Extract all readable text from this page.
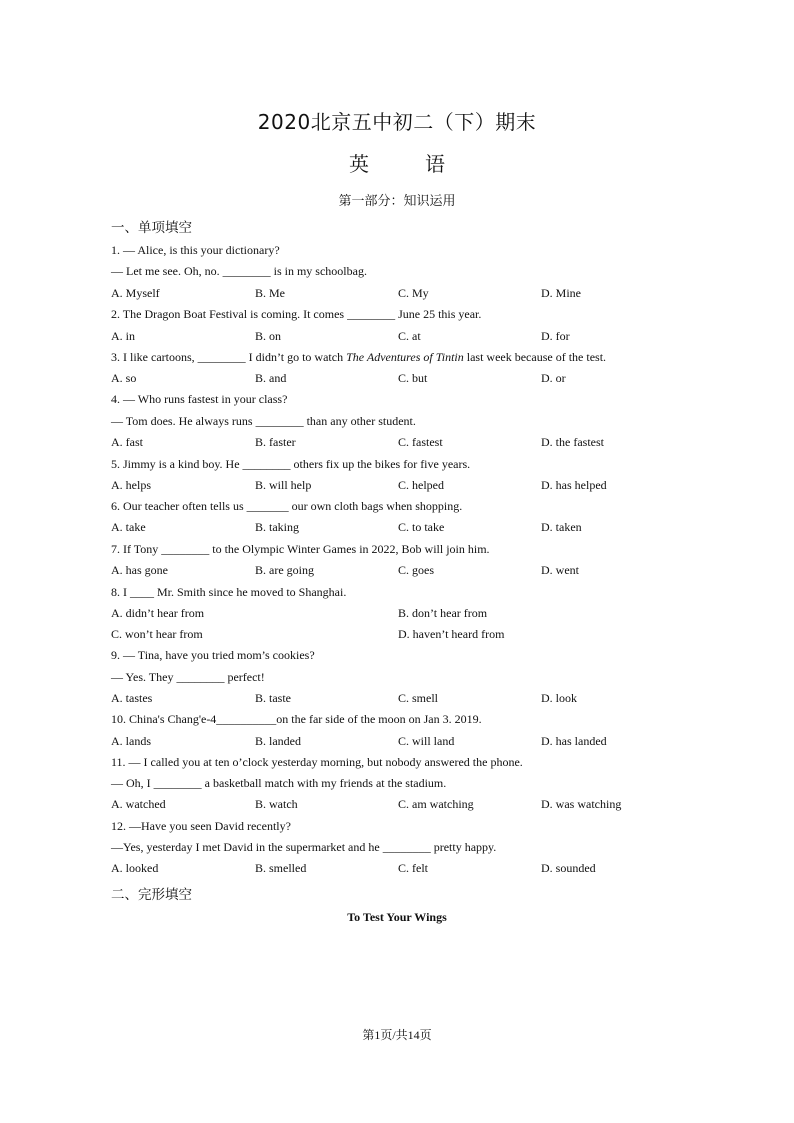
2020北京五中初二（下）期末
英	语
第一部分：知识运用
一、单项填空
1. — Alice, is this your dictionary?
— Let me see. Oh, no. ________ is in my schoolbag.
A. Myself	B. Me	C. My	D. Mine
2. The Dragon Boat Festival is coming. It comes ________ June 25 this year.
A. in	B. on	C. at	D. for
3. I like cartoons, ________ I didn’t go to watch The Adventures of Tintin last week because of the test.
A. so	B. and	C. but	D. or
4. — Who runs fastest in your class?
— Tom does. He always runs ________ than any other student.
A. fast	B. faster	C. fastest	D. the fastest
5. Jimmy is a kind boy. He ________ others fix up the bikes for five years.
A. helps	B. will help	C. helped	D. has helped
6. Our teacher often tells us _______ our own cloth bags when shopping.
A. take	B. taking	C. to take	D. taken
7. If Tony ________ to the Olympic Winter Games in 2022, Bob will join him.
A. has gone	B. are going	C. goes	D. went
8. I ____ Mr. Smith since he moved to Shanghai.
A. didn’t hear from	B. don’t hear from
C. won’t hear from	D. haven’t heard from
9. — Tina, have you tried mom’s cookies?
— Yes. They ________ perfect!
A. tastes	B. taste	C. smell	D. look
10. China's Chang'e-4__________on the far side of the moon on Jan 3. 2019.
A. lands	B. landed	C. will land	D. has landed
11. — I called you at ten o’clock yesterday morning, but nobody answered the phone.
— Oh, I ________ a basketball match with my friends at the stadium.
A. watched	B. watch	C. am watching	D. was watching
12. —Have you seen David recently?
—Yes, yesterday I met David in the supermarket and he ________ pretty happy.
A. looked	B. smelled	C. felt	D. sounded
二、完形填空
To Test Your Wings
第1页/共14页
